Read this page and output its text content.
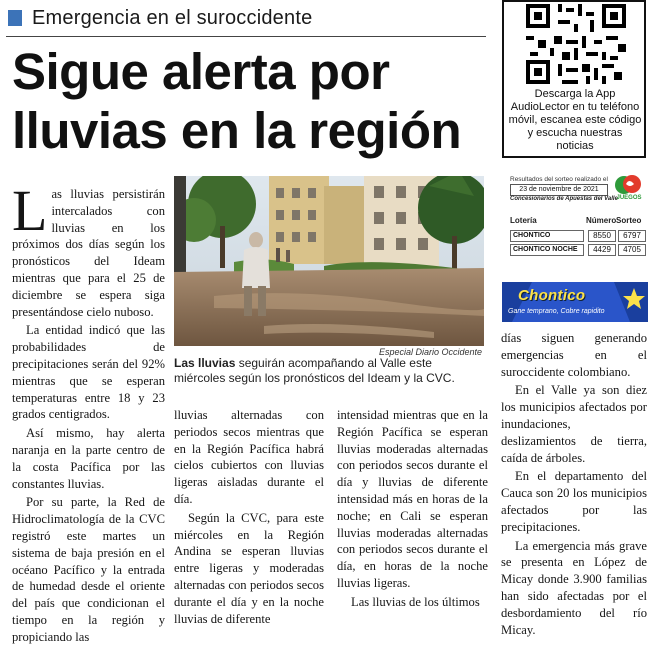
Emergencia en el suroccidente
Sigue alerta por
lluvias en la región

Las lluvias persistirán intercalados con lluvias en los próximos dos días según los pronósticos del Ideam mientras que para el 25 de diciembre se espera siga presentándose cielo nuboso.

La entidad indicó que las probabilidades de precipitaciones serán del 92% mientras que se esperan temperaturas entre 18 y 23 grados centigrados.

Así mismo, hay alerta naranja en la parte centro de la costa Pacífica por las constantes lluvias.

Por su parte, la Red de Hidroclimatología de la CVC registró este martes un sistema de baja presión en el océano Pacífico y la entrada de humedad desde el oriente del país que condicionan el tiempo en la región y propiciando las

Especial Diario Occidente
Las lluvias seguirán acompañando al Valle este miércoles según los pronósticos del Ideam y la CVC.

lluvias alternadas con periodos secos mientras que en la Región Pacífica habrá cielos cubiertos con lluvias ligeras aisladas durante el día.

Según la CVC, para este miércoles en la Región Andina se esperan lluvias entre ligeras y moderadas alternadas con periodos secos durante el día y en la noche lluvias de diferente

intensidad mientras que en la Región Pacífica se esperan lluvias moderadas alternadas con periodos secos durante el día y lluvias de diferente intensidad más en horas de la noche; en Cali se esperan lluvias moderadas alternadas con periodos secos durante el día, en horas de la noche lluvias ligeras.

Las lluvias de los últimos

Descarga la App AudioLector en tu teléfono móvil, escanea este código y escucha nuestras noticias
Resultados del sorteo realizado el
23 de noviembre de 2021
Concesionarios de Apuestas del Valle
JUEGOS
Lotería	Número Sorteo
CHONTICO	8550	6797
CHONTICO NOCHE	4429	4705
Chontico
Gane temprano, Cobre rapidito

días siguen generando emergencias en el suroccidente colombiano.

En el Valle ya son diez los municipios afectados por inundaciones, deslizamientos de tierra, caída de árboles.

En el departamento del Cauca son 20 los municipios afectados por las precipitaciones.

La emergencia más grave se presenta en López de Micay donde 3.900 familias han sido afectadas por el desbordamiento del río Micay.
